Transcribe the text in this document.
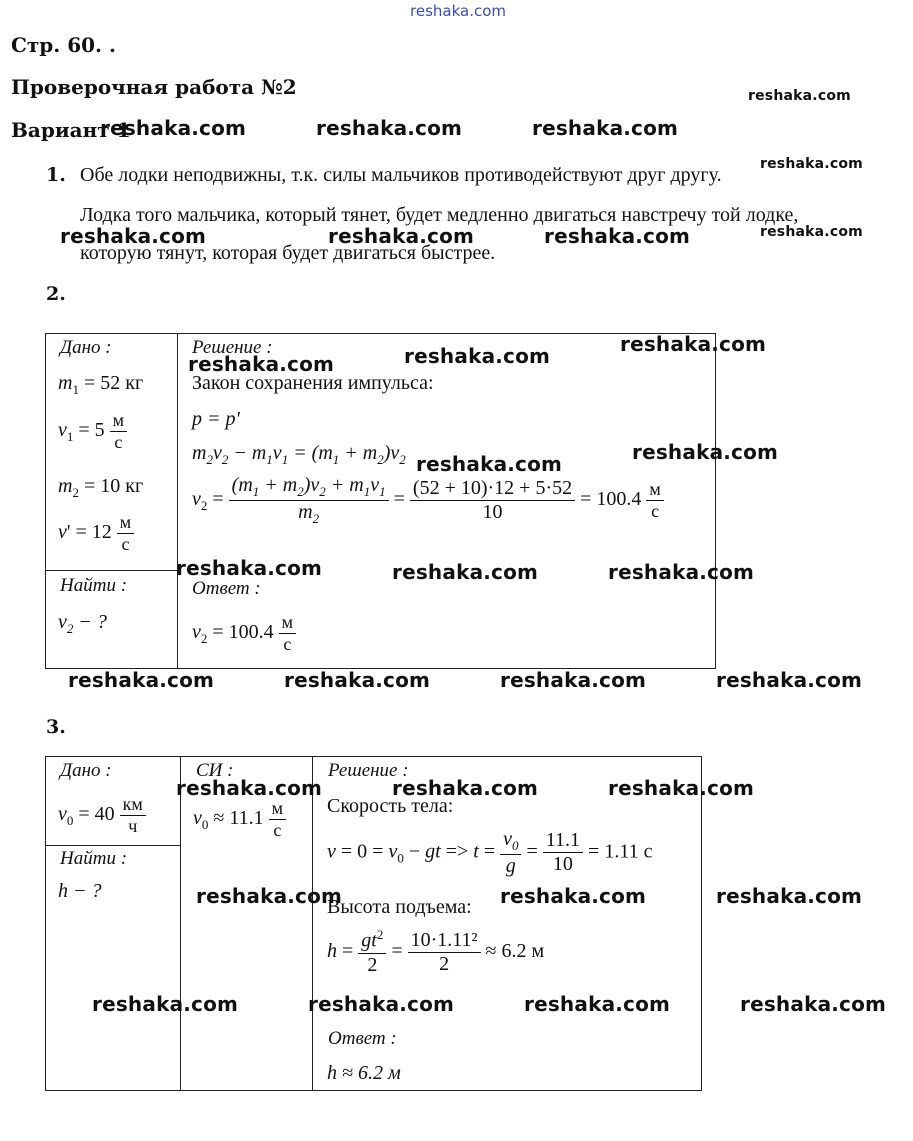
reshaka.com
Стр. 60. .
Проверочная работа №2
Вариант 1
1. Обе лодки неподвижны, т.к. силы мальчиков противодействуют друг другу.
Лодка того мальчика, который тянет, будет медленно двигаться навстречу той лодке,
которую тянут, которая будет двигаться быстрее.
2.
Дано :
$m_1 = 52$ кг
$v_1 = 5 \frac{м}{с}$
$m_2 = 10$ кг
$v' = 12 \frac{м}{с}$
Найти :
$v_2$ − ?
Решение :
Закон сохранения импульса:
p = p'
$m_2v_2 - m_1v_1 = (m_1 + m_2)v_2$
$v_2 = \frac{(m_1 + m_2)v_2 + m_1v_1}{m_2} = \frac{(52 + 10)\cdot 12 + 5\cdot 52}{10} = 100.4 \frac{м}{с}$
Ответ :
$v_2 = 100.4 \frac{м}{с}$
3.
Дано :
$v_0 = 40 \frac{км}{ч}$
Найти :
h − ?
СИ :
$v_0 \approx 11.1 \frac{м}{с}$
Решение :
Скорость тела:
$v = 0 = v_0$ − gt => $t = \frac{v_0}{g} = \frac{11.1}{10} = 1.11$ с
Высота подъема:
$h = \frac{gt^2}{2} = \frac{\text{10·1.11²}}{2} \approx 6.2$ м
Ответ :
h ≈ 6.2 м
reshaka.com	reshaka.com	reshaka.com
reshaka.com
reshaka.com
reshaka.com
reshaka.com	reshaka.com	reshaka.com
reshaka.com	reshaka.com	reshaka.com
reshaka.com	reshaka.com
reshaka.com	reshaka.com	reshaka.com
reshaka.com	reshaka.com	reshaka.com	reshaka.com
reshaka.com	reshaka.com	reshaka.com
reshaka.com	reshaka.com	reshaka.com
reshaka.com	reshaka.com	reshaka.com	reshaka.com
